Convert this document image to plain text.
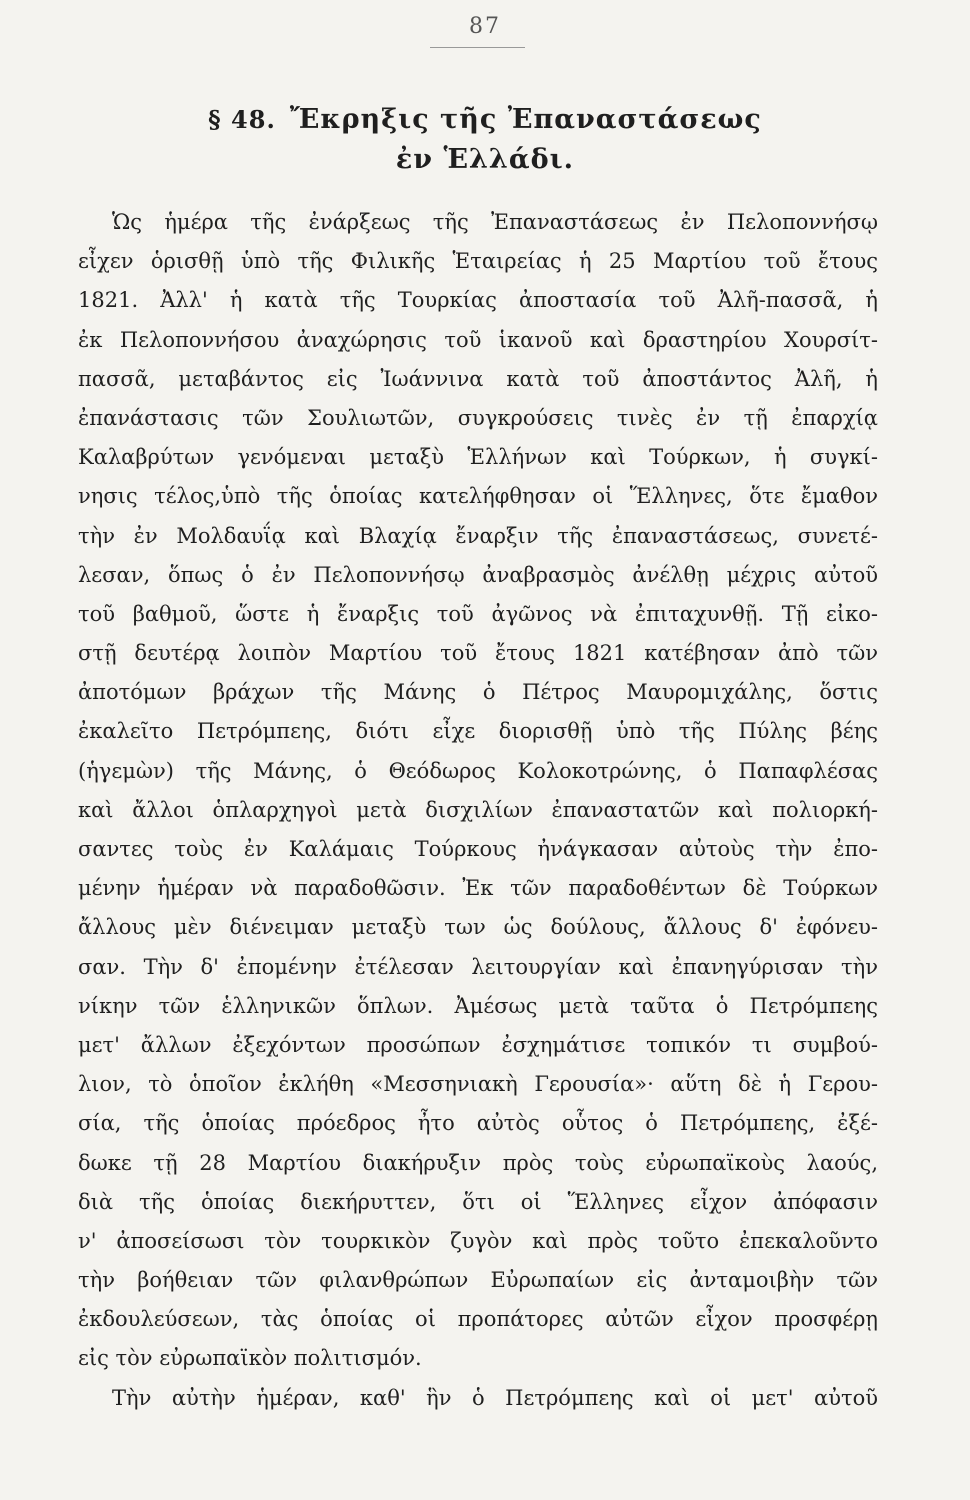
87
§ 48. Ἔκρηξις τῆς Ἐπαναστάσεως
ἐν Ἑλλάδι.
Ὡς ἡμέρα τῆς ἐνάρξεως τῆς Ἐπαναστάσεως ἐν Πελοποννήσῳ
εἶχεν ὁρισθῇ ὑπὸ τῆς Φιλικῆς Ἑταιρείας ἡ 25 Μαρτίου τοῦ ἔτους
1821. Ἀλλ' ἡ κατὰ τῆς Τουρκίας ἀποστασία τοῦ Ἀλῆ-πασσᾶ, ἡ
ἐκ Πελοποννήσου ἀναχώρησις τοῦ ἱκανοῦ καὶ δραστηρίου Χουρσίτ-
πασσᾶ, μεταβάντος εἰς Ἰωάννινα κατὰ τοῦ ἀποστάντος Ἀλῆ, ἡ
ἐπανάστασις τῶν Σουλιωτῶν, συγκρούσεις τινὲς ἐν τῇ ἐπαρχίᾳ
Καλαβρύτων γενόμεναι μεταξὺ Ἑλλήνων καὶ Τούρκων, ἡ συγκί-
νησις τέλος,ὑπὸ τῆς ὁποίας κατελήφθησαν οἱ Ἕλληνες, ὅτε ἔμαθον
τὴν ἐν Μολδαυΐᾳ καὶ Βλαχίᾳ ἔναρξιν τῆς ἐπαναστάσεως, συνετέ-
λεσαν, ὅπως ὁ ἐν Πελοποννήσῳ ἀναβρασμὸς ἀνέλθῃ μέχρις αὐτοῦ
τοῦ βαθμοῦ, ὥστε ἡ ἔναρξις τοῦ ἀγῶνος νὰ ἐπιταχυνθῇ. Τῇ εἰκο-
στῇ δευτέρᾳ λοιπὸν Μαρτίου τοῦ ἔτους 1821 κατέβησαν ἀπὸ τῶν
ἀποτόμων βράχων τῆς Μάνης ὁ Πέτρος Μαυρομιχάλης, ὅστις
ἐκαλεῖτο Πετρόμπεης, διότι εἶχε διορισθῇ ὑπὸ τῆς Πύλης βέης
(ἡγεμὼν) τῆς Μάνης, ὁ Θεόδωρος Κολοκοτρώνης, ὁ Παπαφλέσας
καὶ ἄλλοι ὁπλαρχηγοὶ μετὰ δισχιλίων ἐπαναστατῶν καὶ πολιορκή-
σαντες τοὺς ἐν Καλάμαις Τούρκους ἠνάγκασαν αὐτοὺς τὴν ἐπο-
μένην ἡμέραν νὰ παραδοθῶσιν. Ἐκ τῶν παραδοθέντων δὲ Τούρκων
ἄλλους μὲν διένειμαν μεταξὺ των ὡς δούλους, ἄλλους δ' ἐφόνευ-
σαν. Τὴν δ' ἐπομένην ἐτέλεσαν λειτουργίαν καὶ ἐπανηγύρισαν τὴν
νίκην τῶν ἑλληνικῶν ὅπλων. Ἀμέσως μετὰ ταῦτα ὁ Πετρόμπεης
μετ' ἄλλων ἐξεχόντων προσώπων ἐσχημάτισε τοπικόν τι συμβού-
λιον, τὸ ὁποῖον ἐκλήθη «Μεσσηνιακὴ Γερουσία»· αὕτη δὲ ἡ Γερου-
σία, τῆς ὁποίας πρόεδρος ἦτο αὐτὸς οὗτος ὁ Πετρόμπεης, ἐξέ-
δωκε τῇ 28 Μαρτίου διακήρυξιν πρὸς τοὺς εὐρωπαϊκοὺς λαούς,
διὰ τῆς ὁποίας διεκήρυττεν, ὅτι οἱ Ἕλληνες εἶχον ἀπόφασιν
ν' ἀποσείσωσι τὸν τουρκικὸν ζυγὸν καὶ πρὸς τοῦτο ἐπεκαλοῦντο
τὴν βοήθειαν τῶν φιλανθρώπων Εὐρωπαίων εἰς ἀνταμοιβὴν τῶν
ἐκδουλεύσεων, τὰς ὁποίας οἱ προπάτορες αὐτῶν εἶχον προσφέρῃ
εἰς τὸν εὐρωπαϊκὸν πολιτισμόν.
Τὴν αὐτὴν ἡμέραν, καθ' ἣν ὁ Πετρόμπεης καὶ οἱ μετ' αὐτοῦ
